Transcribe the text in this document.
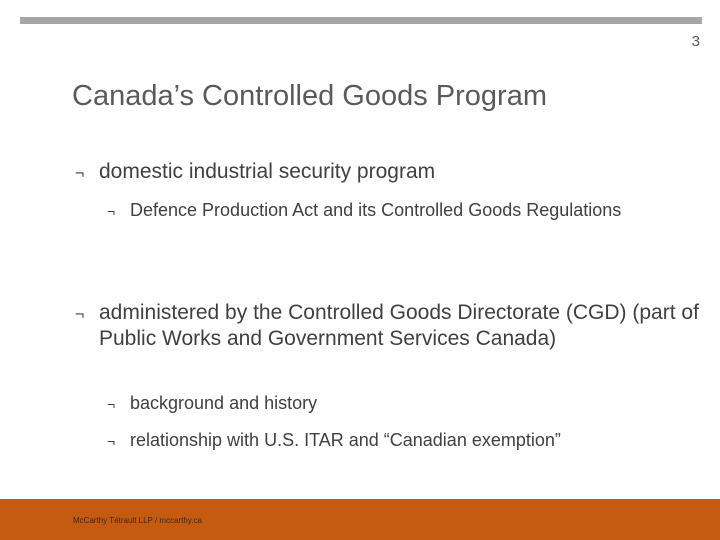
3
Canada’s Controlled Goods Program
¬ domestic industrial security program
¬ Defence Production Act and its Controlled Goods Regulations
¬ administered by the Controlled Goods Directorate (CGD) (part of Public Works and Government Services Canada)
¬ background and history
¬ relationship with U.S. ITAR and “Canadian exemption”
McCarthy Tétrault LLP / mccarthy.ca
